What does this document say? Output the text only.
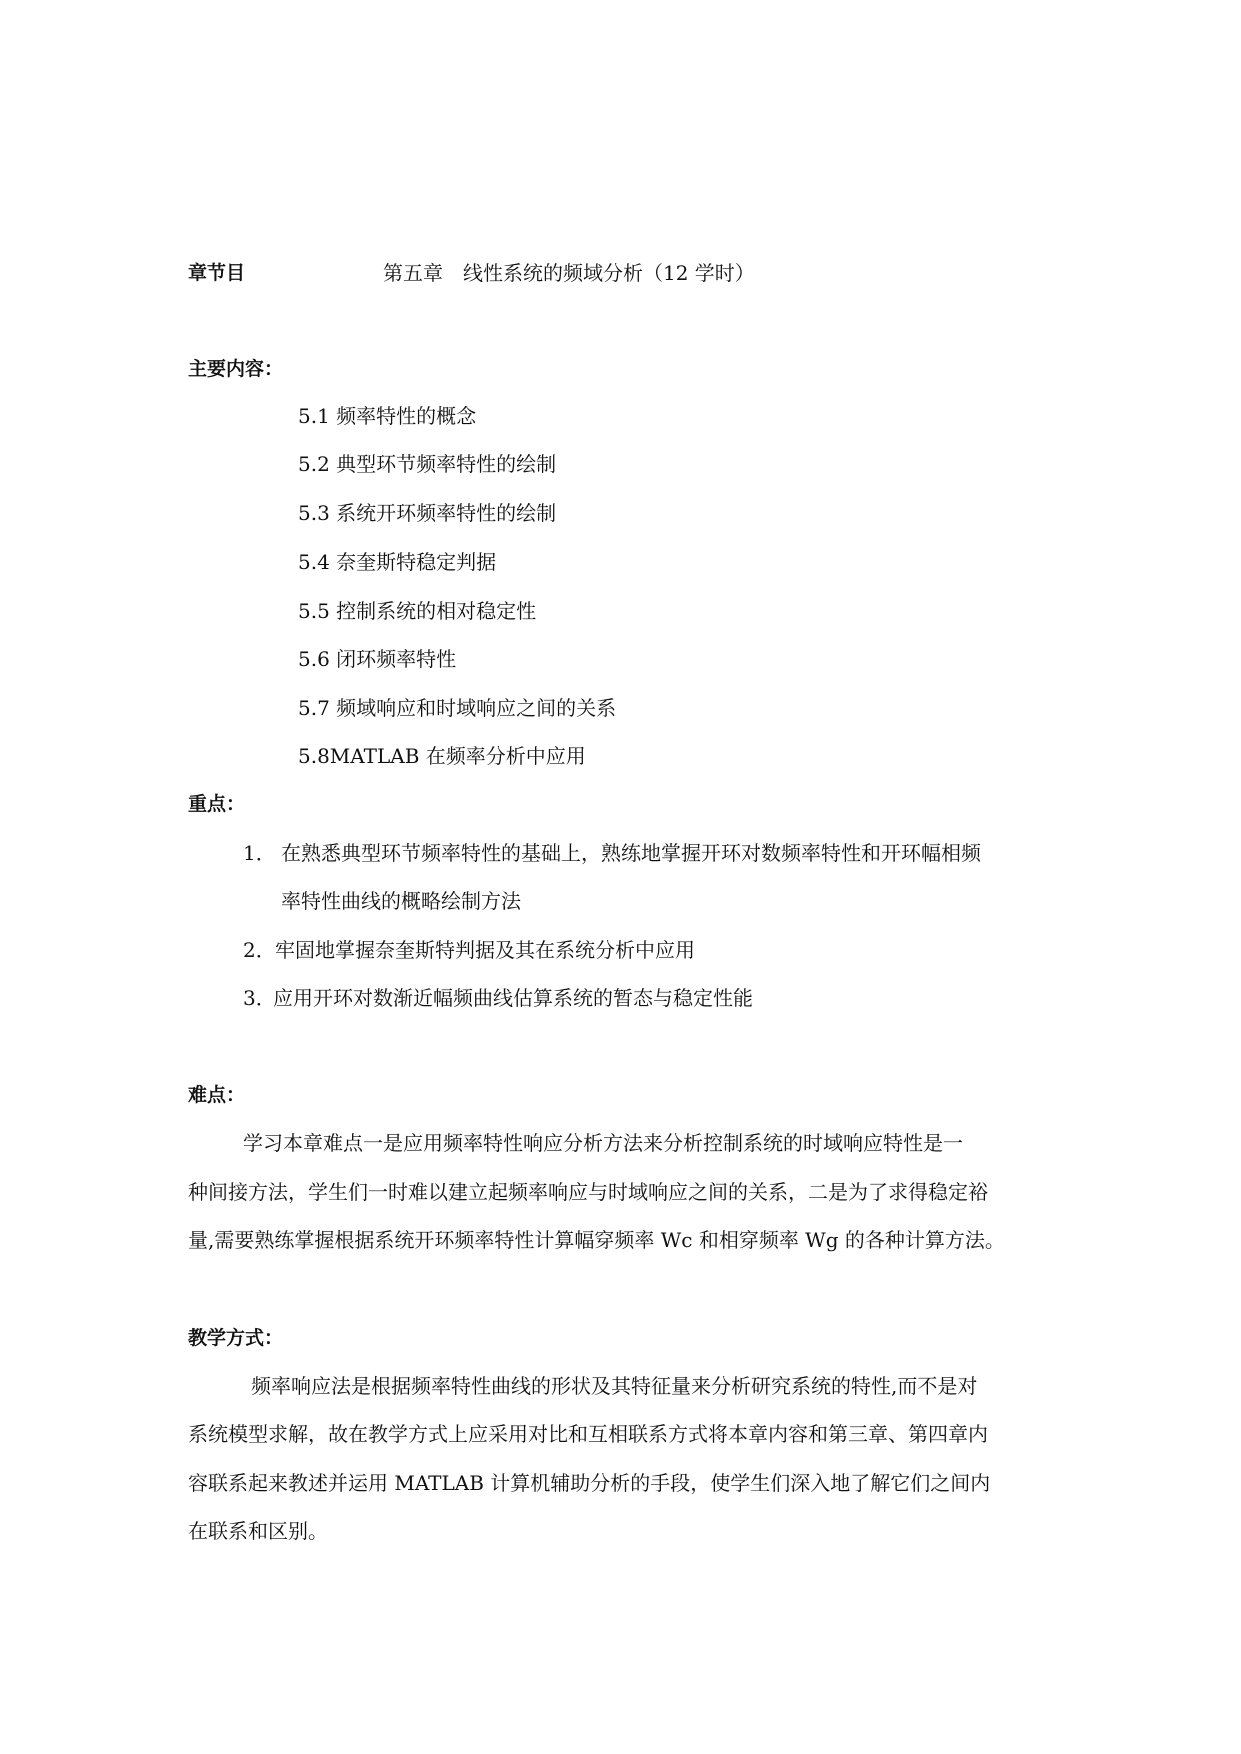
章节目	第五章　线性系统的频域分析（12 学时）
主要内容：
5.1 频率特性的概念
5.2 典型环节频率特性的绘制
5.3 系统开环频率特性的绘制
5.4 奈奎斯特稳定判据
5.5 控制系统的相对稳定性
5.6 闭环频率特性
5.7 频域响应和时域响应之间的关系
5.8MATLAB 在频率分析中应用
重点：
1． 在熟悉典型环节频率特性的基础上，熟练地掌握开环对数频率特性和开环幅相频
率特性曲线的概略绘制方法
2． 牢固地掌握奈奎斯特判据及其在系统分析中应用
3．
应用开环对数渐近幅频曲线估算系统的暂态与稳定性能
难点：
学习本章难点一是应用频率特性响应分析方法来分析控制系统的时域响应特性是一
种间接方法，学生们一时难以建立起频率响应与时域响应之间的关系，二是为了求得稳定裕
量,需要熟练掌握根据系统开环频率特性计算幅穿频率 Wc 和相穿频率 Wg 的各种计算方法。
教学方式：
频率响应法是根据频率特性曲线的形状及其特征量来分析研究系统的特性,而不是对
系统模型求解，故在教学方式上应采用对比和互相联系方式将本章内容和第三章、第四章内
容联系起来教述并运用 MATLAB 计算机辅助分析的手段，使学生们深入地了解它们之间内
在联系和区别。
